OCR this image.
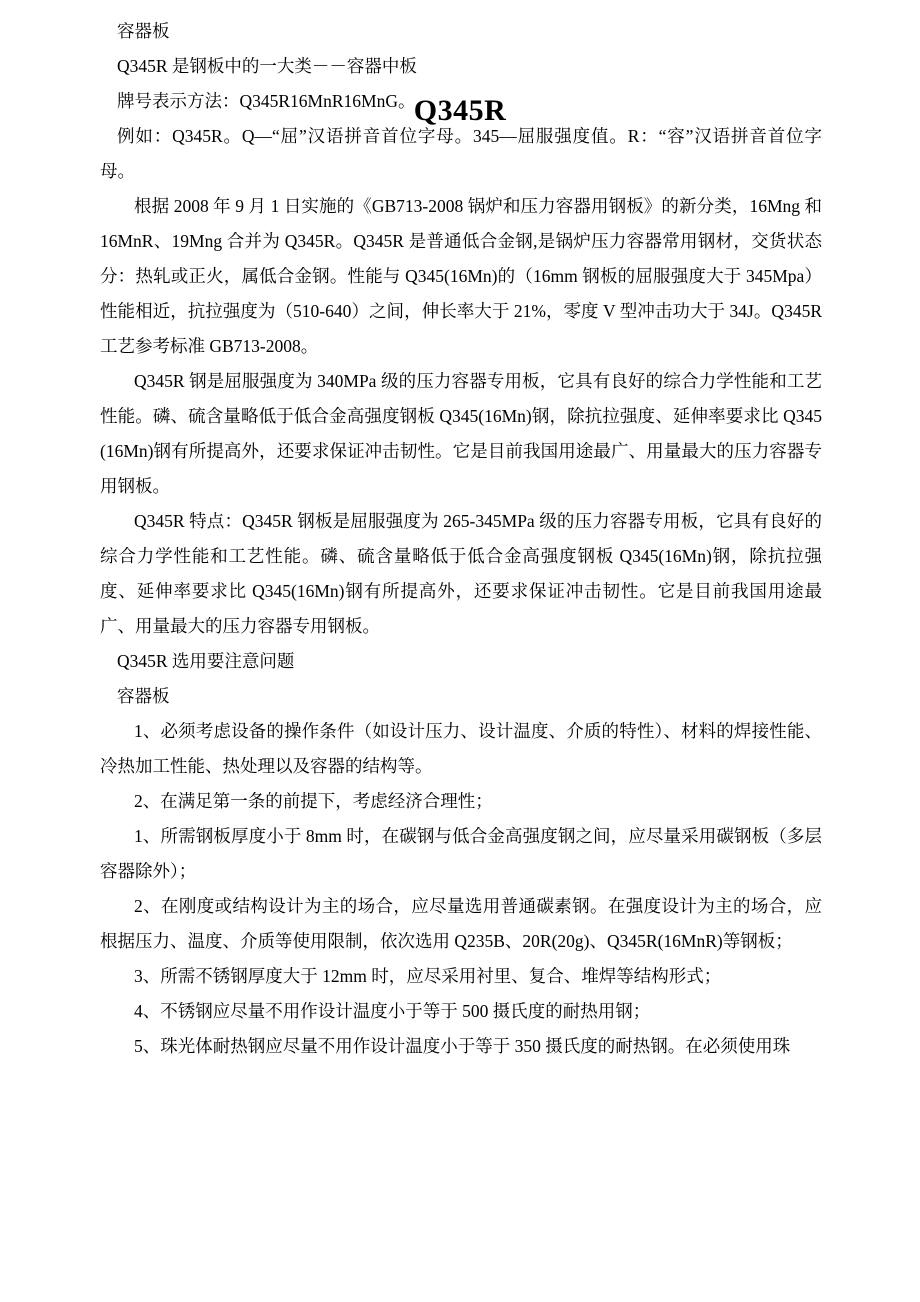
Q345R

容器板

Q345R 是钢板中的一大类－－容器中板

牌号表示方法：Q345R16MnR16MnG。

例如：Q345R。Q—“屈”汉语拼音首位字母。345—屈服强度值。R：“容”汉语拼音首位字母。

根据 2008 年 9 月 1 日实施的《GB713-2008 锅炉和压力容器用钢板》的新分类，16Mng 和 16MnR、19Mng 合并为 Q345R。Q345R 是普通低合金钢,是锅炉压力容器常用钢材，交货状态分：热轧或正火，属低合金钢。性能与 Q345(16Mn)的（16mm 钢板的屈服强度大于 345Mpa）性能相近，抗拉强度为（510-640）之间，伸长率大于 21%，零度 V 型冲击功大于 34J。Q345R 工艺参考标准 GB713-2008。

Q345R 钢是屈服强度为 340MPa 级的压力容器专用板，它具有良好的综合力学性能和工艺性能。磷、硫含量略低于低合金高强度钢板 Q345(16Mn)钢，除抗拉强度、延伸率要求比 Q345(16Mn)钢有所提高外，还要求保证冲击韧性。它是目前我国用途最广、用量最大的压力容器专用钢板。

Q345R 特点：Q345R 钢板是屈服强度为 265-345MPa 级的压力容器专用板，它具有良好的综合力学性能和工艺性能。磷、硫含量略低于低合金高强度钢板 Q345(16Mn)钢，除抗拉强度、延伸率要求比 Q345(16Mn)钢有所提高外，还要求保证冲击韧性。它是目前我国用途最广、用量最大的压力容器专用钢板。

Q345R 选用要注意问题

容器板

1、必须考虑设备的操作条件（如设计压力、设计温度、介质的特性）、材料的焊接性能、冷热加工性能、热处理以及容器的结构等。

2、在满足第一条的前提下，考虑经济合理性；

1、所需钢板厚度小于 8mm 时，在碳钢与低合金高强度钢之间，应尽量采用碳钢板（多层容器除外）；

2、在刚度或结构设计为主的场合，应尽量选用普通碳素钢。在强度设计为主的场合，应根据压力、温度、介质等使用限制，依次选用 Q235B、20R(20g)、Q345R(16MnR)等钢板；

3、所需不锈钢厚度大于 12mm 时，应尽采用衬里、复合、堆焊等结构形式；

4、不锈钢应尽量不用作设计温度小于等于 500 摄氏度的耐热用钢；

5、珠光体耐热钢应尽量不用作设计温度小于等于 350 摄氏度的耐热钢。在必须使用珠
